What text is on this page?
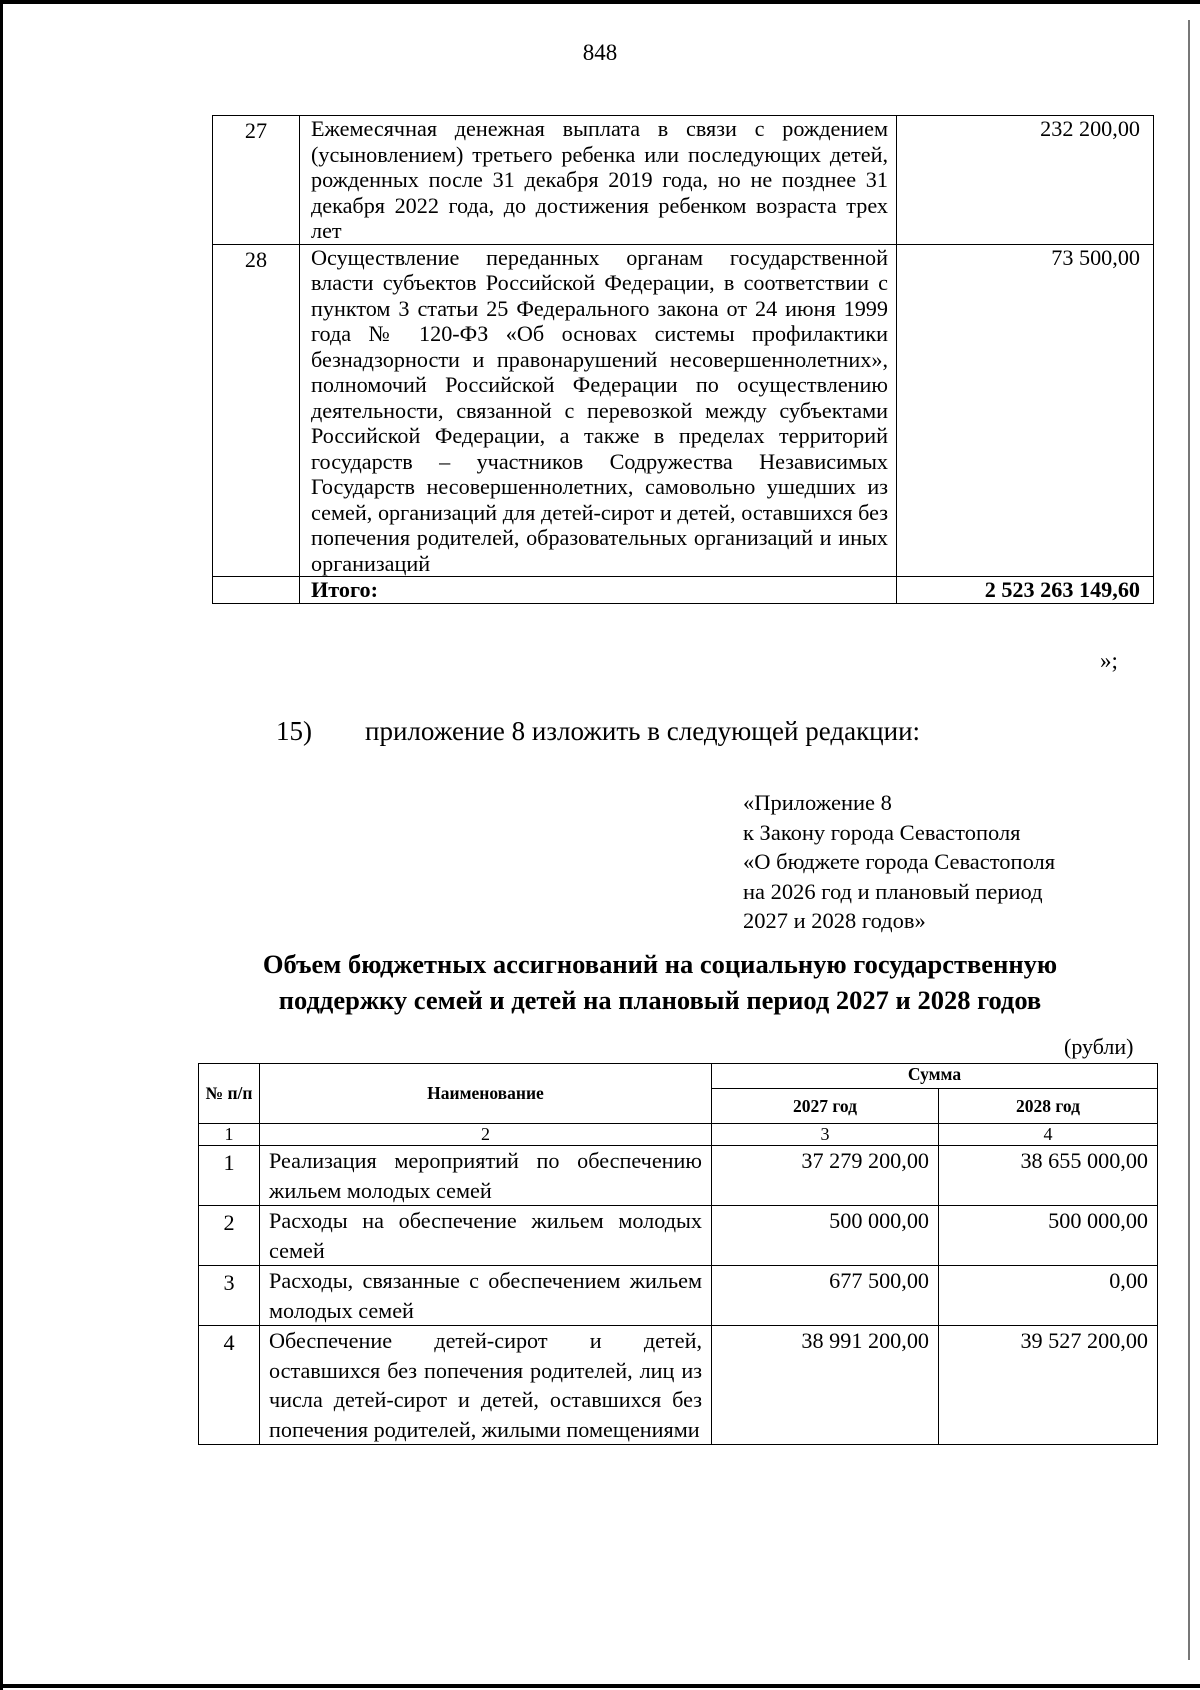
848
27	Ежемесячная денежная выплата в связи с рождением (усыновлением) третьего ребенка или последующих детей, рожденных после 31 декабря 2019 года, но не позднее 31 декабря 2022 года, до достижения ребенком возраста трех лет	232 200,00
28	Осуществление переданных органам государственной власти субъектов Российской Федерации, в соответствии с пунктом 3 статьи 25 Федерального закона от 24 июня 1999 года № 120-ФЗ «Об основах системы профилактики безнадзорности и правонарушений несовершеннолетних», полномочий Российской Федерации по осуществлению деятельности, связанной с перевозкой между субъектами Российской Федерации, а также в пределах территорий государств – участников Содружества Независимых Государств несовершеннолетних, самовольно ушедших из семей, организаций для детей-сирот и детей, оставшихся без попечения родителей, образовательных организаций и иных организаций	73 500,00
	Итого:	2 523 263 149,60
»;
15) приложение 8 изложить в следующей редакции:
«Приложение 8
к Закону города Севастополя
«О бюджете города Севастополя
на 2026 год и плановый период
2027 и 2028 годов»
Объем бюджетных ассигнований на социальную государственную
поддержку семей и детей на плановый период 2027 и 2028 годов
(рубли)
№ п/п	Наименование	Сумма	
		2027 год	2028 год
1	2	3	4
1	Реализация мероприятий по обеспечению жильем молодых семей	37 279 200,00	38 655 000,00
2	Расходы на обеспечение жильем молодых семей	500 000,00	500 000,00
3	Расходы, связанные с обеспечением жильем молодых семей	677 500,00	0,00
4	Обеспечение детей-сирот и детей, оставшихся без попечения родителей, лиц из числа детей-сирот и детей, оставшихся без попечения родителей, жилыми помещениями	38 991 200,00	39 527 200,00
